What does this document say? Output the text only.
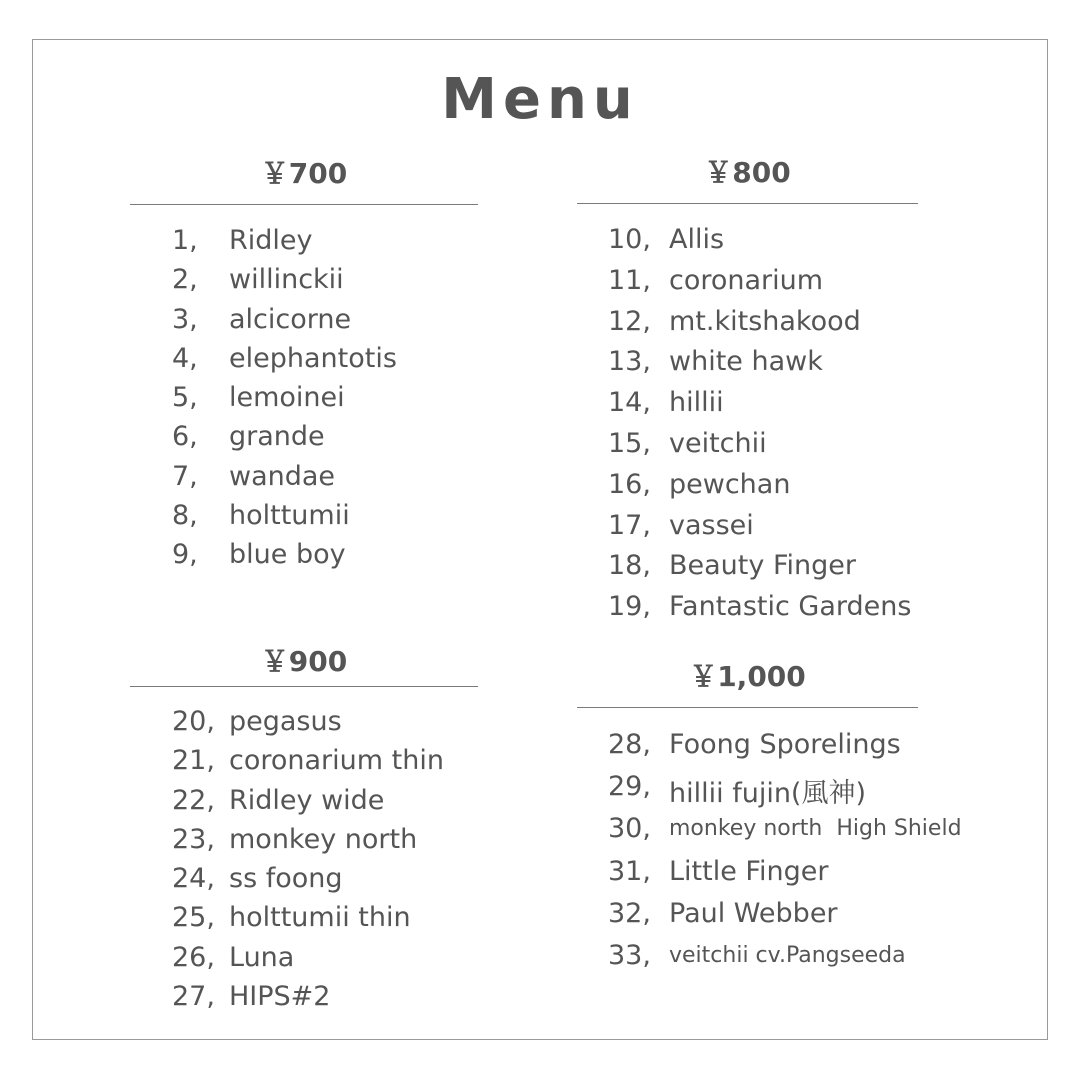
Menu
￥700
1, Ridley
2, willinckii
3, alcicorne
4, elephantotis
5, lemoinei
6, grande
7, wandae
8, holttumii
9, blue boy
￥800
10, Allis
11, coronarium
12, mt.kitshakood
13, white hawk
14, hillii
15, veitchii
16, pewchan
17, vassei
18, Beauty Finger
19, Fantastic Gardens
￥900
20, pegasus
21, coronarium thin
22, Ridley wide
23, monkey north
24, ss foong
25, holttumii thin
26, Luna
27, HIPS#2
￥1,000
28, Foong Sporelings
29, hillii fujin(風神)
30, monkey north  High Shield
31, Little Finger
32, Paul Webber
33, veitchii cv.Pangseeda
